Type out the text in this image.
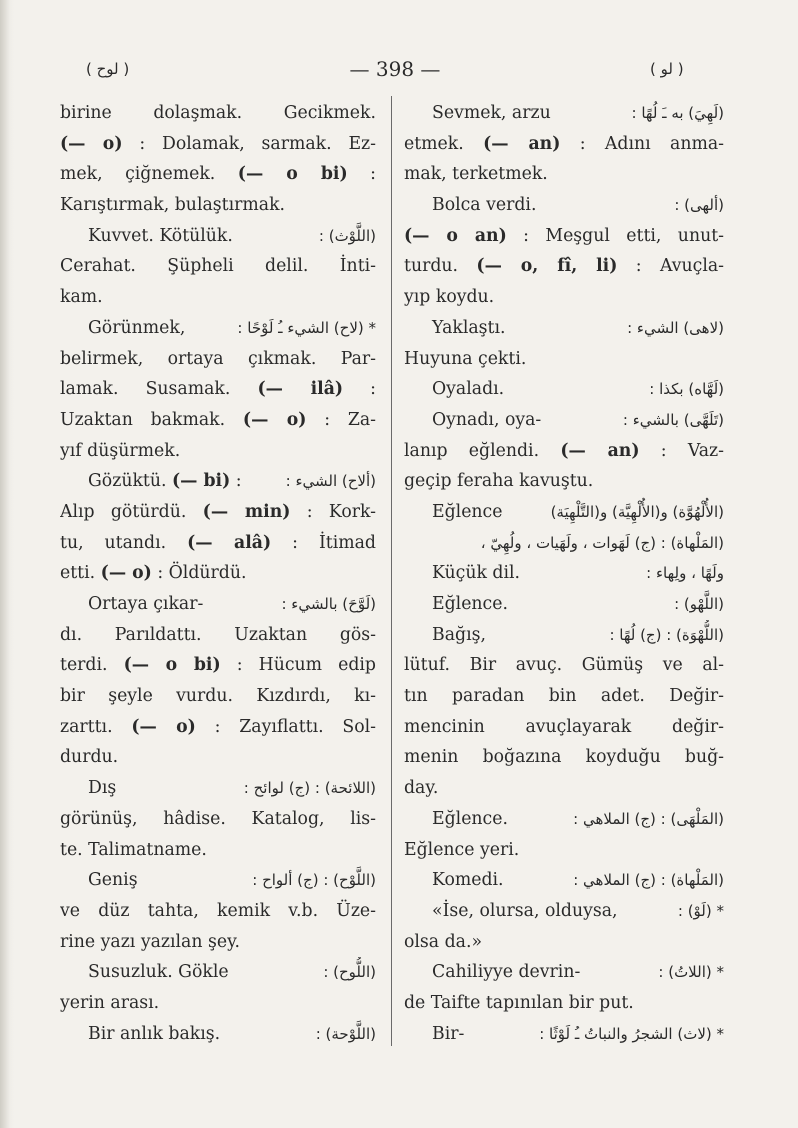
( لوح )	— 398 —	( لو )
birine dolaşmak. Gecikmek.
(— o) : Dolamak, sarmak. Ez-
mek, çiğnemek. (— o bi) :
Karıştırmak, bulaştırmak.
Kuvvet. Kötülük.	(اللَّوْث) :
Cerahat. Şüpheli delil. İnti-
kam.
Görünmek,	* (لاح) الشيء ـُ لَوْحًا :
belirmek, ortaya çıkmak. Par-
lamak. Susamak. (— ilâ) :
Uzaktan bakmak. (— o) : Za-
yıf düşürmek.
Gözüktü. (— bi) :	(ألاح) الشيء :
Alıp götürdü. (— min) : Kork-
tu, utandı. (— alâ) : İtimad
etti. (— o) : Öldürdü.
Ortaya çıkar-	(لَوَّحَ) بالشيء :
dı. Parıldattı. Uzaktan gös-
terdi. (— o bi) : Hücum edip
bir şeyle vurdu. Kızdırdı, kı-
zarttı. (— o) : Zayıflattı. Sol-
durdu.
Dış	(اللائحة) : (ج) لوائح :
görünüş, hâdise. Katalog, lis-
te. Talimatname.
Geniş	(اللَّوْح) : (ج) ألواح :
ve düz tahta, kemik v.b. Üze-
rine yazı yazılan şey.
Susuzluk. Gökle	(اللُّوح) :
yerin arası.
Bir anlık bakış.	(اللَّوْحة) :
Sevmek, arzu	(لَهِيَ) به ـَ لُهًا :
etmek. (— an) : Adını anma-
mak, terketmek.
Bolca verdi.	(ألهى) :
(— o an) : Meşgul etti, unut-
turdu. (— o, fî, li) : Avuçla-
yıp koydu.
Yaklaştı.	(لاهى) الشيء :
Huyuna çekti.
Oyaladı.	(لَهَّاه) بكذا :
Oynadı, oya-	(تَلَهَّى) بالشيء :
lanıp eğlendi. (— an) : Vaz-
geçip feraha kavuştu.
Eğlence	(الأُلْهُوَّة) و(الأُلْهِيَّة) و(التَّلْهِيَة)
(المَلْهاة) : (ج) لَهَوات ، ولَهَيات ، ولُهِيّ ،
Küçük dil.	ولَهًا ، ولِهاء :
Eğlence.	(اللَّهْو) :
Bağış,	(اللُّهْوَة) : (ج) لُهًا :
lütuf. Bir avuç. Gümüş ve al-
tın paradan bin adet. Değir-
mencinin avuçlayarak değir-
menin boğazına koyduğu buğ-
day.
Eğlence.	(المَلْهَى) : (ج) الملاهي :
Eğlence yeri.
Komedi.	(المَلْهاة) : (ج) الملاهي :
«İse, olursa, olduysa,	* (لَوْ) :
olsa da.»
Cahiliyye devrin-	* (اللاتُ) :
de Taifte tapınılan bir put.
Bir-	* (لاث) الشجرُ والنباتُ ـُ لَوْثًا :
